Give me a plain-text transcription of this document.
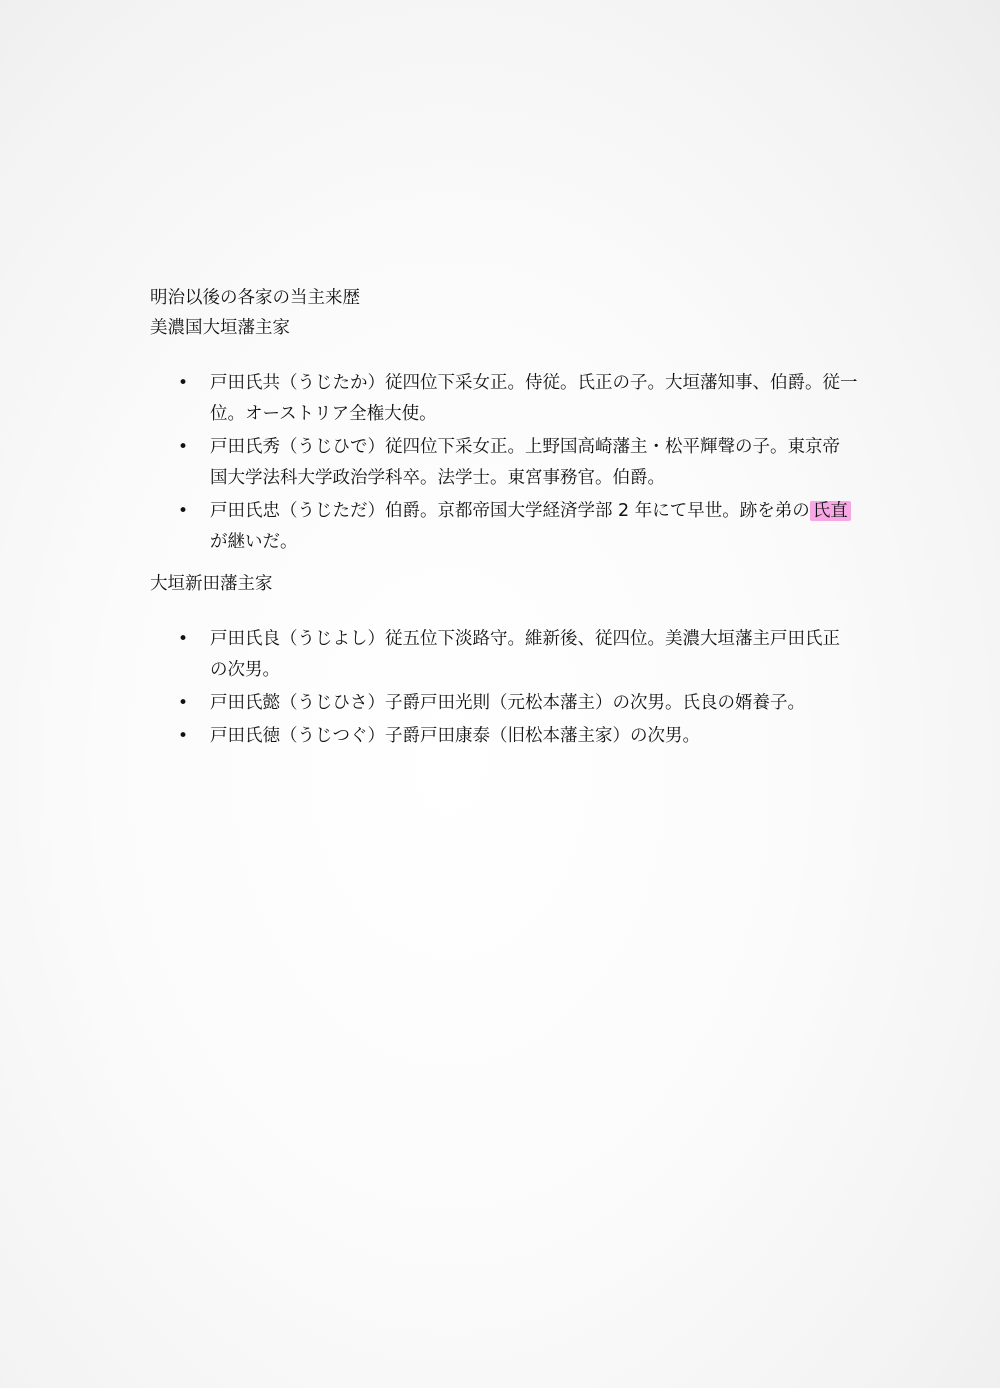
明治以後の各家の当主来歴
美濃国大垣藩主家
•	戸田氏共（うじたか）従四位下采女正。侍従。氏正の子。大垣藩知事、伯爵。従一
位。オーストリア全権大使。
•	戸田氏秀（うじひで）従四位下采女正。上野国高崎藩主・松平輝聲の子。東京帝
国大学法科大学政治学科卒。法学士。東宮事務官。伯爵。
•	戸田氏忠（うじただ）伯爵。京都帝国大学経済学部 2 年にて早世。跡を弟の 氏直
が継いだ。
大垣新田藩主家
•	戸田氏良（うじよし）従五位下淡路守。維新後、従四位。美濃大垣藩主戸田氏正
の次男。
•	戸田氏懿（うじひさ）子爵戸田光則（元松本藩主）の次男。氏良の婿養子。
•	戸田氏徳（うじつぐ）子爵戸田康泰（旧松本藩主家）の次男。
